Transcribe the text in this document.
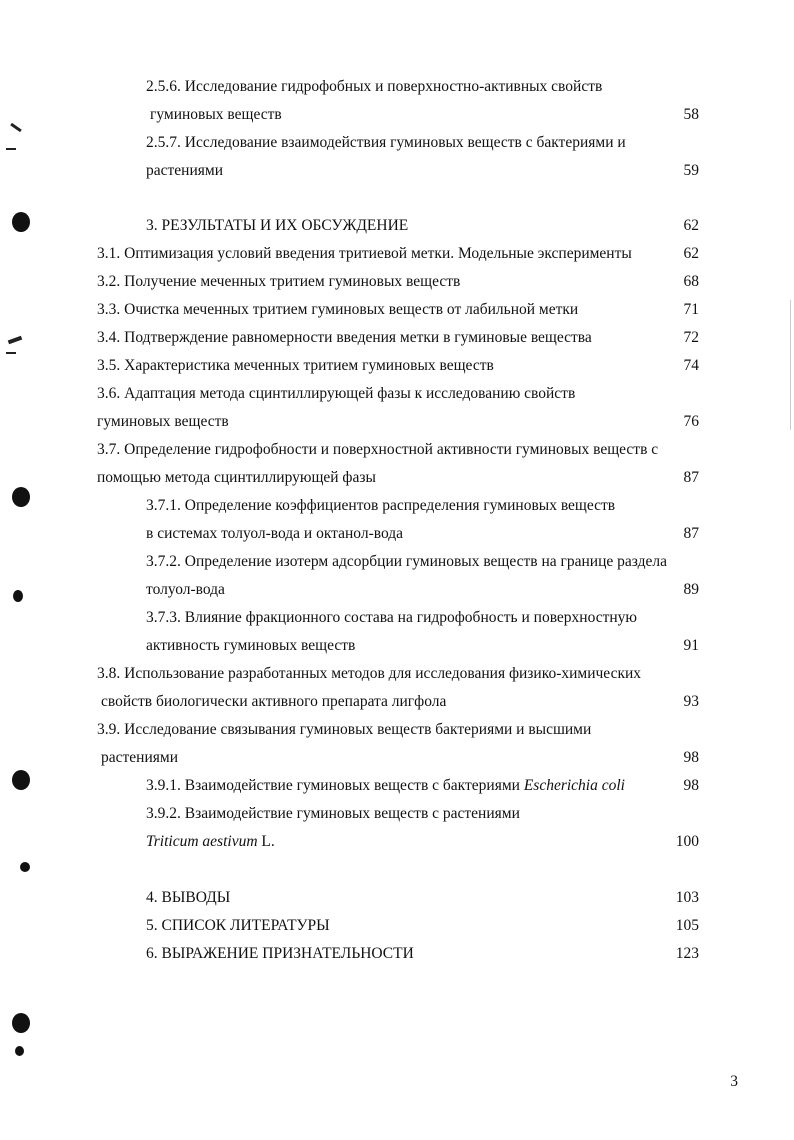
2.5.6. Исследование гидрофобных и поверхностно-активных свойств
гуминовых веществ	58
2.5.7. Исследование взаимодействия гуминовых веществ с бактериями и
растениями	59
3. РЕЗУЛЬТАТЫ И ИХ ОБСУЖДЕНИЕ	62
3.1. Оптимизация условий введения тритиевой метки. Модельные эксперименты	62
3.2. Получение меченных тритием гуминовых веществ	68
3.3. Очистка меченных тритием гуминовых веществ от лабильной метки	71
3.4. Подтверждение равномерности введения метки в гуминовые вещества	72
3.5. Характеристика меченных тритием гуминовых веществ	74
3.6. Адаптация метода сцинтиллирующей фазы к исследованию свойств
гуминовых веществ	76
3.7. Определение гидрофобности и поверхностной активности гуминовых веществ с
помощью метода сцинтиллирующей фазы	87
3.7.1. Определение коэффициентов распределения гуминовых веществ
в системах толуол-вода и октанол-вода	87
3.7.2. Определение изотерм адсорбции гуминовых веществ на границе раздела
толуол-вода	89
3.7.3. Влияние фракционного состава на гидрофобность и поверхностную
активность гуминовых веществ	91
3.8. Использование разработанных методов для исследования физико-химических
свойств биологически активного препарата лигфола	93
3.9. Исследование связывания гуминовых веществ бактериями и высшими
растениями	98
3.9.1. Взаимодействие гуминовых веществ с бактериями Escherichia coli	98
3.9.2. Взаимодействие гуминовых веществ с растениями
Triticum aestivum L.	100
4. ВЫВОДЫ	103
5. СПИСОК ЛИТЕРАТУРЫ	105
6. ВЫРАЖЕНИЕ ПРИЗНАТЕЛЬНОСТИ	123
3
